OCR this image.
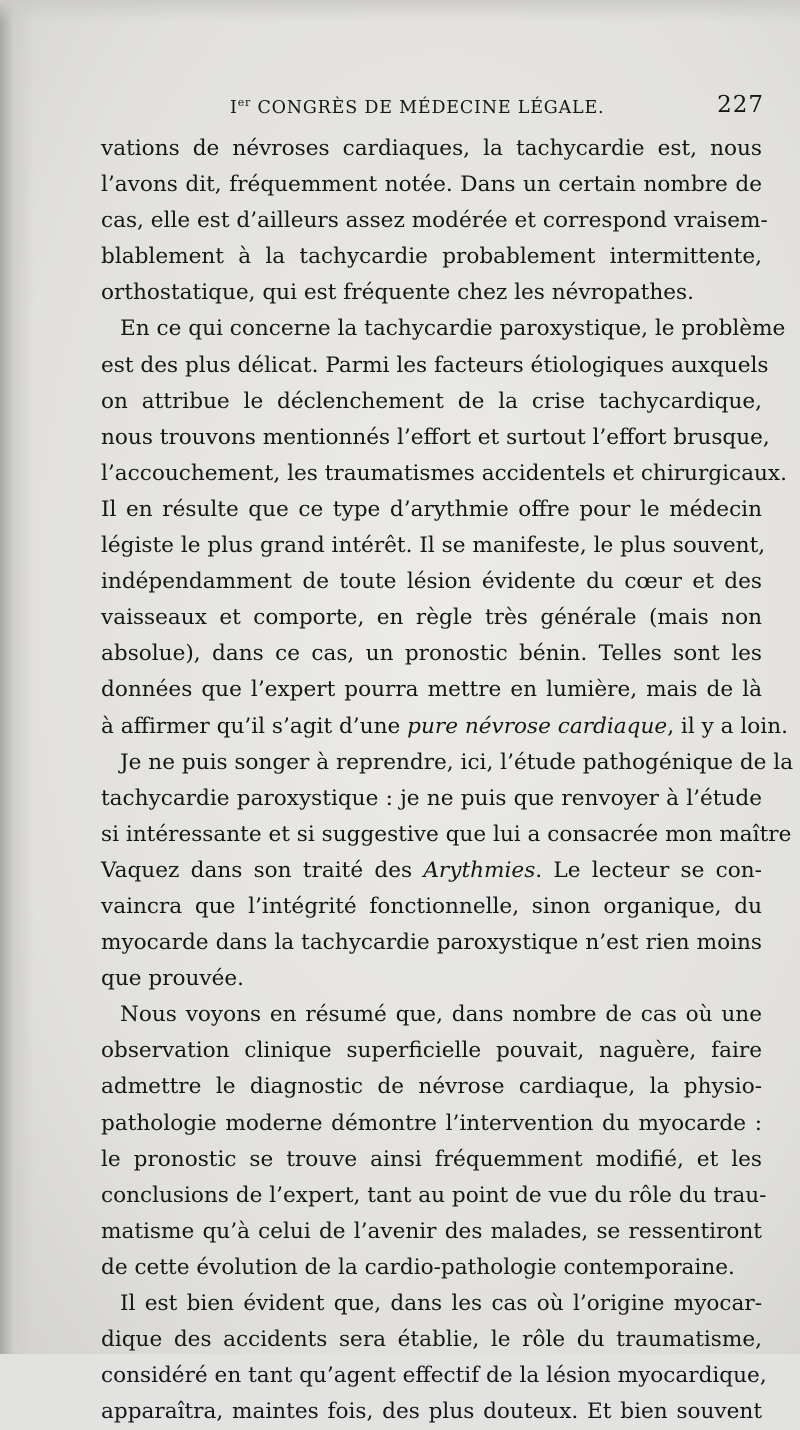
Ier CONGRÈS DE MÉDECINE LÉGALE.	227
vations de névroses cardiaques, la tachycardie est, nous
l’avons dit, fréquemment notée. Dans un certain nombre de
cas, elle est d’ailleurs assez modérée et correspond vraisem-
blablement à la tachycardie probablement intermittente,
orthostatique, qui est fréquente chez les névropathes.
En ce qui concerne la tachycardie paroxystique, le problème
est des plus délicat. Parmi les facteurs étiologiques auxquels
on attribue le déclenchement de la crise tachycardique,
nous trouvons mentionnés l’effort et surtout l’effort brusque,
l’accouchement, les traumatismes accidentels et chirurgicaux.
Il en résulte que ce type d’arythmie offre pour le médecin
légiste le plus grand intérêt. Il se manifeste, le plus souvent,
indépendamment de toute lésion évidente du cœur et des
vaisseaux et comporte, en règle très générale (mais non
absolue), dans ce cas, un pronostic bénin. Telles sont les
données que l’expert pourra mettre en lumière, mais de là
à affirmer qu’il s’agit d’une pure névrose cardiaque, il y a loin.
Je ne puis songer à reprendre, ici, l’étude pathogénique de la
tachycardie paroxystique : je ne puis que renvoyer à l’étude
si intéressante et si suggestive que lui a consacrée mon maître
Vaquez dans son traité des Arythmies. Le lecteur se con-
vaincra que l’intégrité fonctionnelle, sinon organique, du
myocarde dans la tachycardie paroxystique n’est rien moins
que prouvée.
Nous voyons en résumé que, dans nombre de cas où une
observation clinique superficielle pouvait, naguère, faire
admettre le diagnostic de névrose cardiaque, la physio-
pathologie moderne démontre l’intervention du myocarde :
le pronostic se trouve ainsi fréquemment modifié, et les
conclusions de l’expert, tant au point de vue du rôle du trau-
matisme qu’à celui de l’avenir des malades, se ressentiront
de cette évolution de la cardio-pathologie contemporaine.
Il est bien évident que, dans les cas où l’origine myocar-
dique des accidents sera établie, le rôle du traumatisme,
considéré en tant qu’agent effectif de la lésion myocardique,
apparaîtra, maintes fois, des plus douteux. Et bien souvent
